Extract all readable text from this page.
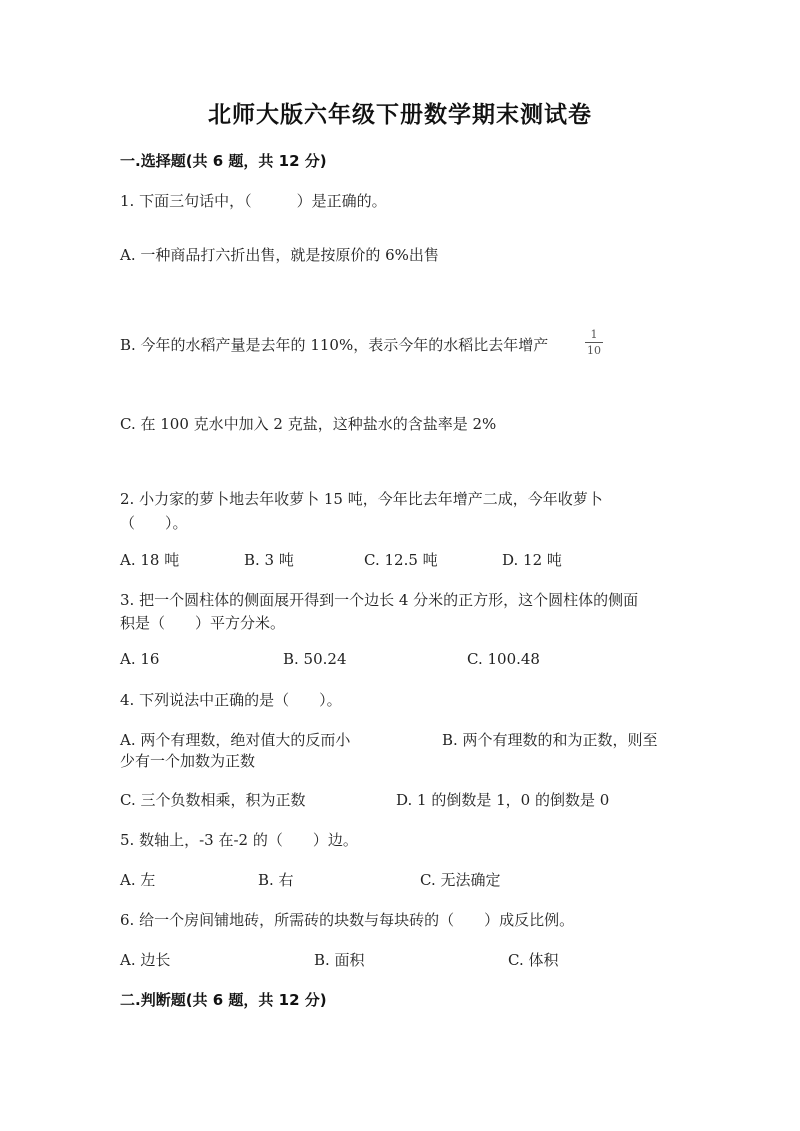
北师大版六年级下册数学期末测试卷
一.选择题(共 6 题，共 12 分)
1. 下面三句话中，（　　　）是正确的。
A. 一种商品打六折出售，就是按原价的 6%出售
B. 今年的水稻产量是去年的 110%，表示今年的水稻比去年增产	$\frac{1}{10}$
C. 在 100 克水中加入 2 克盐，这种盐水的含盐率是 2%
2. 小力家的萝卜地去年收萝卜 15 吨，今年比去年增产二成，今年收萝卜
（　　）。
A. 18 吨	B. 3 吨	C. 12.5 吨	D. 12 吨
3. 把一个圆柱体的侧面展开得到一个边长 4 分米的正方形，这个圆柱体的侧面
积是（　　）平方分米。
A. 16	B. 50.24	C. 100.48
4. 下列说法中正确的是（　　）。
A. 两个有理数，绝对值大的反而小	B. 两个有理数的和为正数，则至
少有一个加数为正数
C. 三个负数相乘，积为正数	D. 1 的倒数是 1，0 的倒数是 0
5. 数轴上，-3 在-2 的（　　）边。
A. 左	B. 右	C. 无法确定
6. 给一个房间铺地砖，所需砖的块数与每块砖的（　　）成反比例。
A. 边长	B. 面积	C. 体积
二.判断题(共 6 题，共 12 分)
